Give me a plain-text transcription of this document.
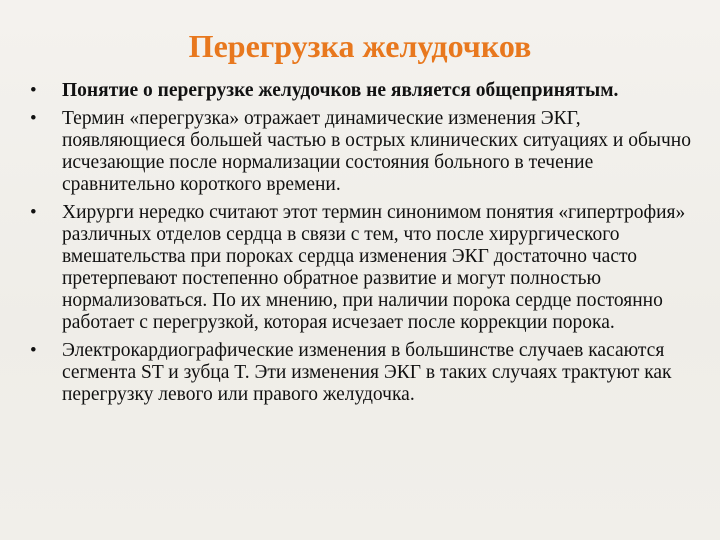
Перегрузка желудочков
• Понятие о перегрузке желудочков не является общепринятым.
• Термин «перегрузка» отражает динамические изменения ЭКГ, появляющиеся большей частью в острых клинических ситуациях и обычно исчезающие после нормализации состояния больного в течение сравнительно короткого времени.
• Хирурги нередко считают этот термин синонимом понятия «гипертрофия» различных отделов сердца в связи с тем, что после хирургического вмешательства при пороках сердца изменения ЭКГ достаточно часто претерпевают постепенно обратное развитие и могут полностью нормализоваться. По их мнению, при наличии порока сердце постоянно работает с перегрузкой, которая исчезает после коррекции порока.
• Электрокардиографические изменения в большинстве случаев касаются сегмента ST и зубца T. Эти изменения ЭКГ в таких случаях трактуют как перегрузку левого или правого желудочка.
